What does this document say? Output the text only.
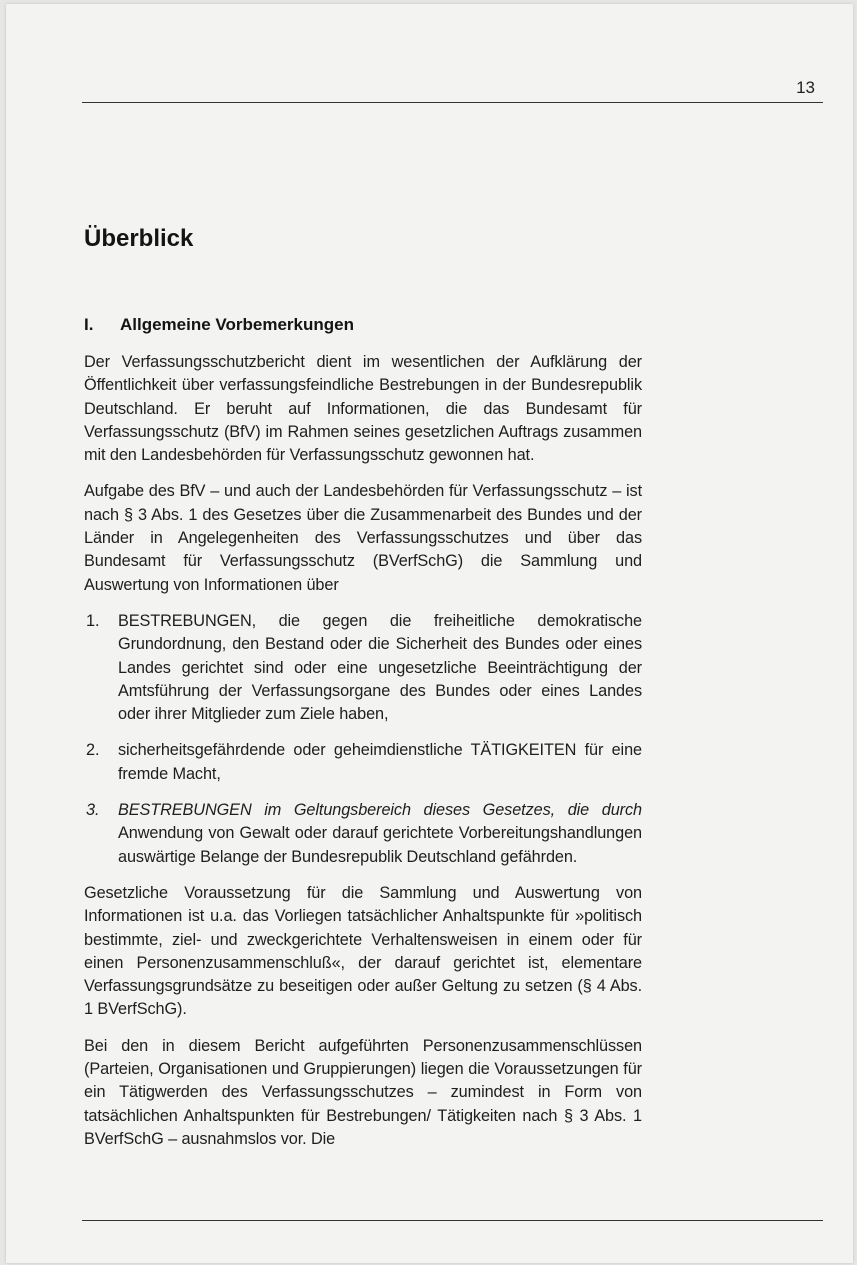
13
Überblick
I. Allgemeine Vorbemerkungen

Der Verfassungsschutzbericht dient im wesentlichen der Aufklärung der Öffentlichkeit über verfassungsfeindliche Bestrebungen in der Bundesrepublik Deutschland. Er beruht auf Informationen, die das Bundesamt für Verfassungsschutz (BfV) im Rahmen seines gesetzlichen Auftrags zusammen mit den Landesbehörden für Verfassungsschutz gewonnen hat.

Aufgabe des BfV – und auch der Landesbehörden für Verfassungsschutz – ist nach § 3 Abs. 1 des Gesetzes über die Zusammenarbeit des Bundes und der Länder in Angelegenheiten des Verfassungsschutzes und über das Bundesamt für Verfassungsschutz (BVerfSchG) die Sammlung und Auswertung von Informationen über

1. BESTREBUNGEN, die gegen die freiheitliche demokratische Grundordnung, den Bestand oder die Sicherheit des Bundes oder eines Landes gerichtet sind oder eine ungesetzliche Beeinträchtigung der Amtsführung der Verfassungsorgane des Bundes oder eines Landes oder ihrer Mitglieder zum Ziele haben,
2. sicherheitsgefährdende oder geheimdienstliche TÄTIGKEITEN für eine fremde Macht,
3. BESTREBUNGEN im Geltungsbereich dieses Gesetzes, die durch Anwendung von Gewalt oder darauf gerichtete Vorbereitungshandlungen auswärtige Belange der Bundesrepublik Deutschland gefährden.

Gesetzliche Voraussetzung für die Sammlung und Auswertung von Informationen ist u.a. das Vorliegen tatsächlicher Anhaltspunkte für »politisch bestimmte, ziel- und zweckgerichtete Verhaltensweisen in einem oder für einen Personenzusammenschluß«, der darauf gerichtet ist, elementare Verfassungsgrundsätze zu beseitigen oder außer Geltung zu setzen (§ 4 Abs. 1 BVerfSchG).

Bei den in diesem Bericht aufgeführten Personenzusammenschlüssen (Parteien, Organisationen und Gruppierungen) liegen die Voraussetzungen für ein Tätigwerden des Verfassungsschutzes – zumindest in Form von tatsächlichen Anhaltspunkten für Bestrebungen/ Tätigkeiten nach § 3 Abs. 1 BVerfSchG – ausnahmslos vor. Die
